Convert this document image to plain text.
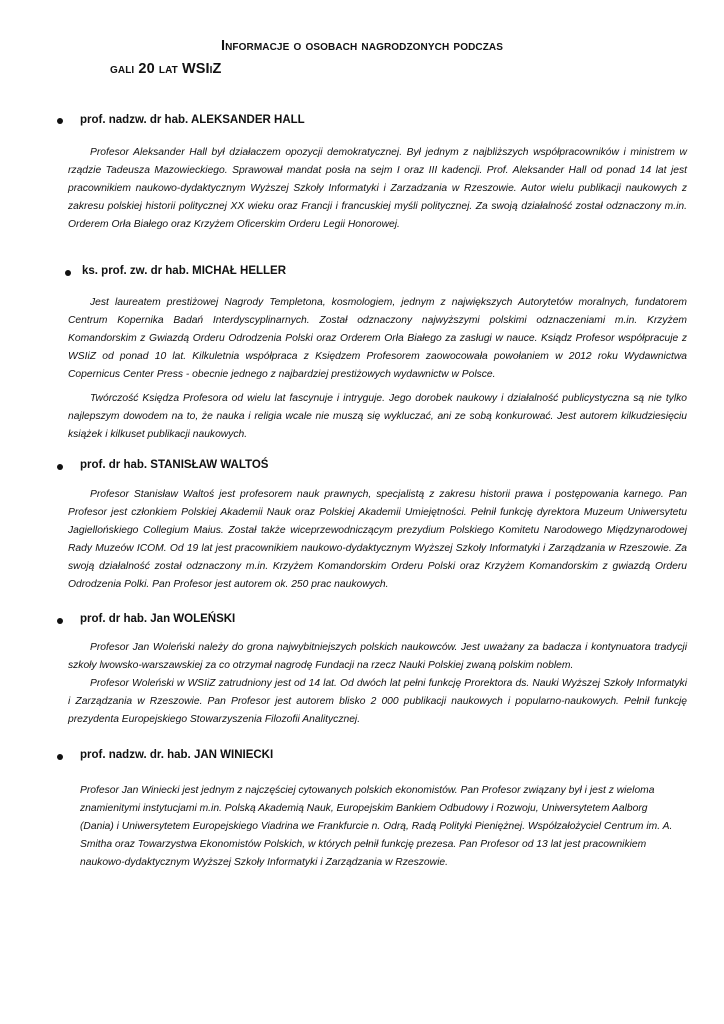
Informacje o osobach nagrodzonych podczas
gali 20 lat WSIiZ
prof. nadzw. dr hab. ALEKSANDER HALL
Profesor Aleksander Hall był działaczem opozycji demokratycznej. Był jednym z najbliższych współpracowników i ministrem w rządzie Tadeusza Mazowieckiego. Sprawował mandat posła na sejm I oraz III kadencji. Prof. Aleksander Hall od ponad 14 lat jest pracownikiem naukowo-dydaktycznym Wyższej Szkoły Informatyki i Zarzadzania w Rzeszowie. Autor wielu publikacji naukowych z zakresu polskiej historii politycznej XX wieku oraz Francji i francuskiej myśli politycznej. Za swoją działalność został odznaczony m.in. Orderem Orła Białego oraz Krzyżem Oficerskim Orderu Legii Honorowej.
ks. prof. zw. dr hab. MICHAŁ HELLER
Jest laureatem prestiżowej Nagrody Templetona, kosmologiem, jednym z największych Autorytetów moralnych, fundatorem Centrum Kopernika Badań Interdyscyplinarnych. Został odznaczony najwyższymi polskimi odznaczeniami m.in. Krzyżem Komandorskim z Gwiazdą Orderu Odrodzenia Polski oraz Orderem Orła Białego za zasługi w nauce. Ksiądz Profesor współpracuje z WSIiZ od ponad 10 lat. Kilkuletnia współpraca z Księdzem Profesorem zaowocowała powołaniem w 2012 roku Wydawnictwa Copernicus Center Press - obecnie jednego z najbardziej prestiżowych wydawnictw w Polsce.
Twórczość Księdza Profesora od wielu lat fascynuje i intryguje. Jego dorobek naukowy i działalność publicystyczna są nie tylko najlepszym dowodem na to, że nauka i religia wcale nie muszą się wykluczać, ani ze sobą konkurować. Jest autorem kilkudziesięciu książek i kilkuset publikacji naukowych.
prof. dr hab. STANISŁAW WALTOŚ
Profesor Stanisław Waltoś jest profesorem nauk prawnych, specjalistą z zakresu historii prawa i postępowania karnego. Pan Profesor jest członkiem Polskiej Akademii Nauk oraz Polskiej Akademii Umiejętności. Pełnił funkcję dyrektora Muzeum Uniwersytetu Jagiellońskiego Collegium Maius. Został także wiceprzewodniczącym prezydium Polskiego Komitetu Narodowego Międzynarodowej Rady Muzeów ICOM. Od 19 lat jest pracownikiem naukowo-dydaktycznym Wyższej Szkoły Informatyki i Zarządzania w Rzeszowie. Za swoją działalność został odznaczony m.in. Krzyżem Komandorskim Orderu Polski oraz Krzyżem Komandorskim z gwiazdą Orderu Odrodzenia Polki. Pan Profesor jest autorem ok. 250 prac naukowych.
prof. dr hab. Jan WOLEŃSKI
Profesor Jan Woleński należy do grona najwybitniejszych polskich naukowców. Jest uważany za badacza i kontynuatora tradycji szkoły lwowsko-warszawskiej za co otrzymał nagrodę Fundacji na rzecz Nauki Polskiej zwaną polskim noblem.
Profesor Woleński w WSIiZ zatrudniony jest od 14 lat. Od dwóch lat pełni funkcję Prorektora ds. Nauki Wyższej Szkoły Informatyki i Zarządzania w Rzeszowie. Pan Profesor jest autorem blisko 2 000 publikacji naukowych i popularno-naukowych. Pełnił funkcję prezydenta Europejskiego Stowarzyszenia Filozofii Analitycznej.
prof. nadzw. dr. hab. JAN WINIECKI
Profesor Jan Winiecki jest jednym z najczęściej cytowanych polskich ekonomistów. Pan Profesor związany był i jest z wieloma znamienitymi instytucjami m.in. Polską Akademią Nauk, Europejskim Bankiem Odbudowy i Rozwoju, Uniwersytetem Aalborg (Dania) i Uniwersytetem Europejskiego Viadrina we Frankfurcie n. Odrą, Radą Polityki Pieniężnej. Współzałożyciel Centrum im. A. Smitha oraz Towarzystwa Ekonomistów Polskich, w których pełnił funkcję prezesa. Pan Profesor od 13 lat jest pracownikiem naukowo-dydaktycznym Wyższej Szkoły Informatyki i Zarządzania w Rzeszowie.
